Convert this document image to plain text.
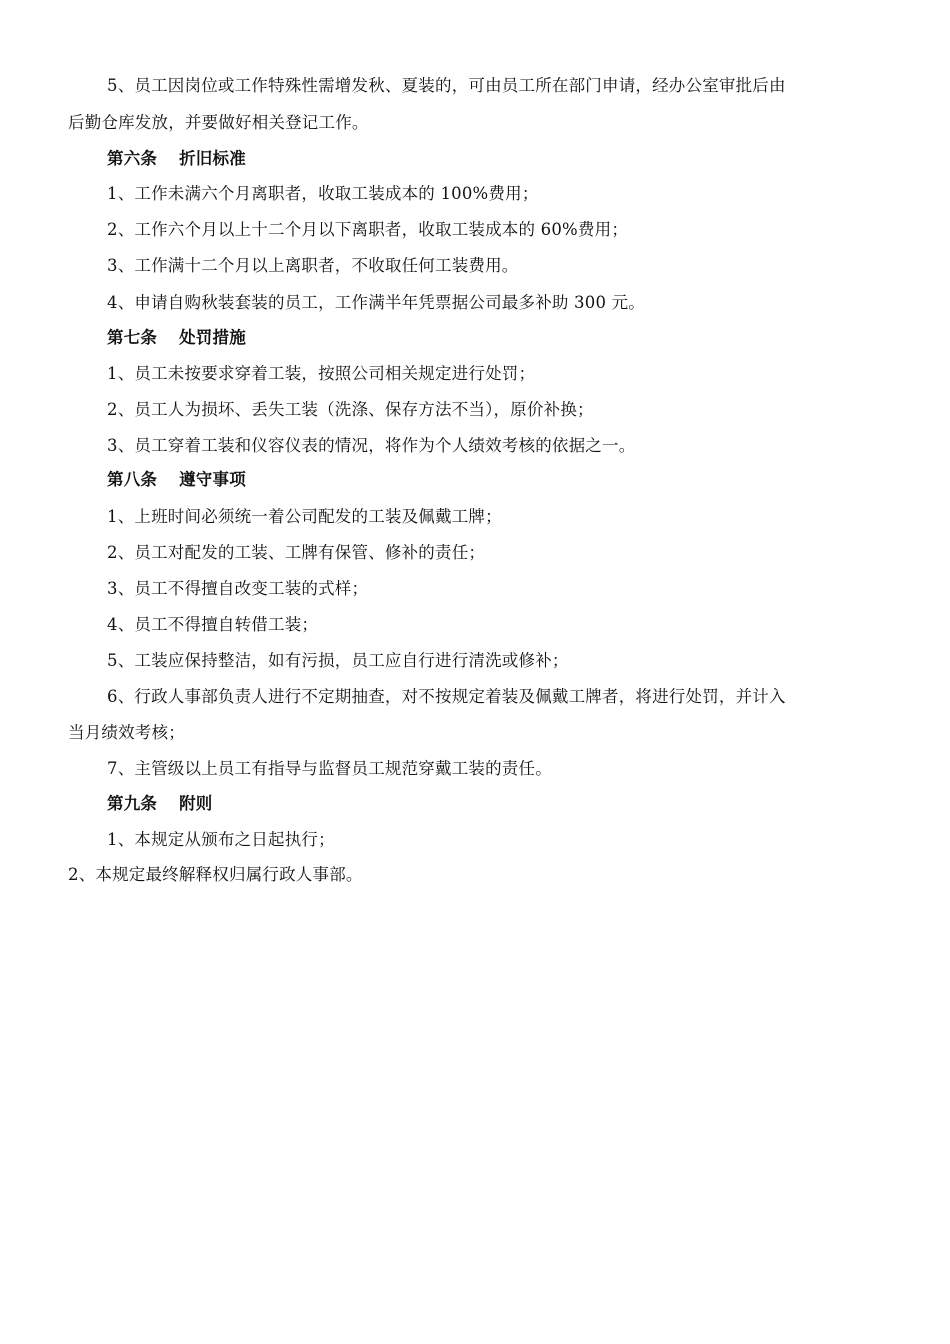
5、员工因岗位或工作特殊性需增发秋、夏装的，可由员工所在部门申请，经办公室审批后由
后勤仓库发放，并要做好相关登记工作。
第六条 折旧标准
1、工作未满六个月离职者，收取工装成本的 100%费用；
2、工作六个月以上十二个月以下离职者，收取工装成本的 60%费用；
3、工作满十二个月以上离职者，不收取任何工装费用。
4、申请自购秋装套装的员工，工作满半年凭票据公司最多补助 300 元。
第七条 处罚措施
1、员工未按要求穿着工装，按照公司相关规定进行处罚；
2、员工人为损坏、丢失工装（洗涤、保存方法不当），原价补换；
3、员工穿着工装和仪容仪表的情况，将作为个人绩效考核的依据之一。
第八条 遵守事项
1、上班时间必须统一着公司配发的工装及佩戴工牌；
2、员工对配发的工装、工牌有保管、修补的责任；
3、员工不得擅自改变工装的式样；
4、员工不得擅自转借工装；
5、工装应保持整洁，如有污损，员工应自行进行清洗或修补；
6、行政人事部负责人进行不定期抽查，对不按规定着装及佩戴工牌者，将进行处罚，并计入
当月绩效考核；
7、主管级以上员工有指导与监督员工规范穿戴工装的责任。
第九条 附则
1、本规定从颁布之日起执行；
2、本规定最终解释权归属行政人事部。
